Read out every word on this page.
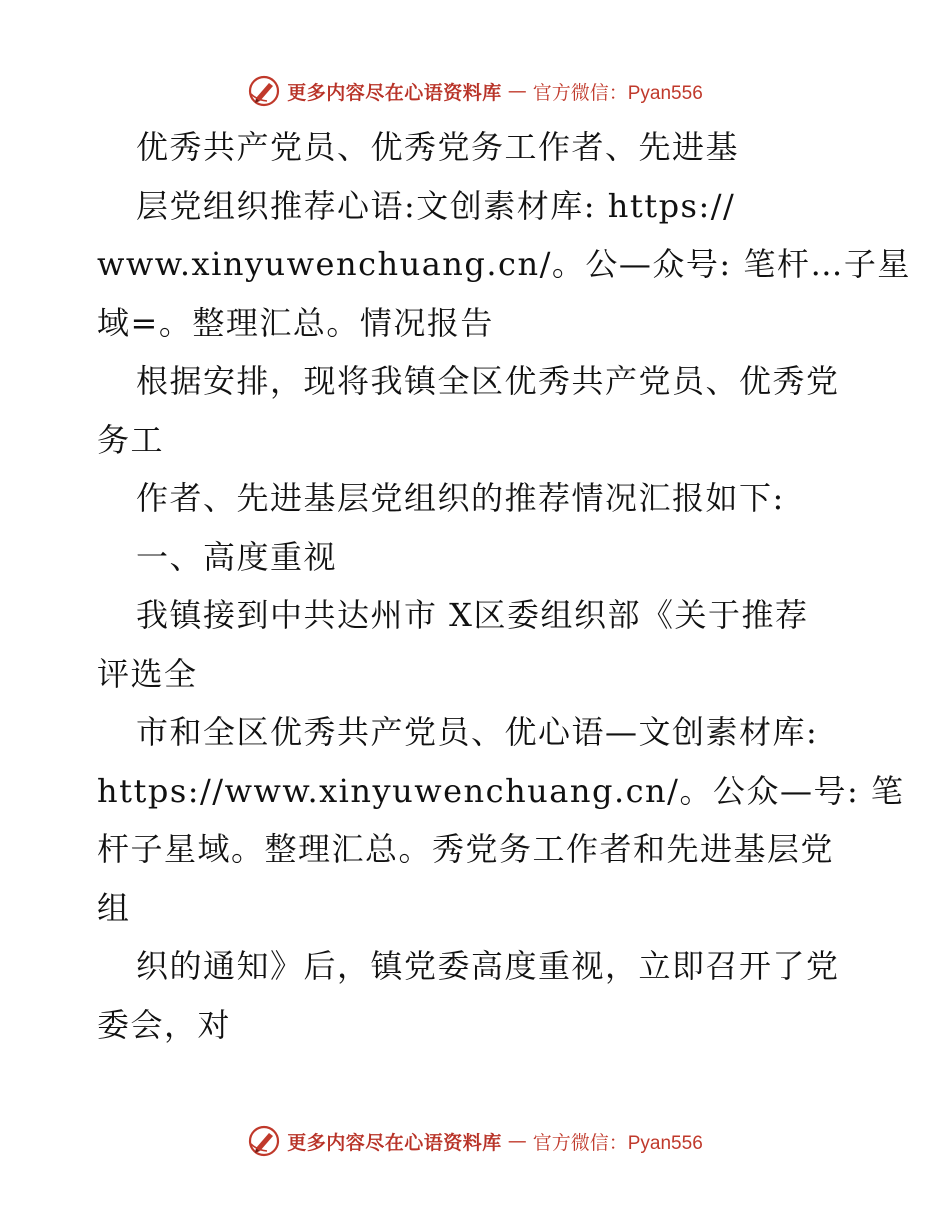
更多内容尽在心语资料库 — 官方微信：Pyan556
优秀共产党员、优秀党务工作者、先进基
层党组织推荐心语:文创素材库: https://
www.xinyuwenchuang.cn/。公—众号: 笔杆…子星
域=。整理汇总。情况报告
根据安排，现将我镇全区优秀共产党员、优秀党
务工
作者、先进基层党组织的推荐情况汇报如下:
一、高度重视
我镇接到中共达州市 X区委组织部《关于推荐
评选全
市和全区优秀共产党员、优心语—文创素材库:
https://www.xinyuwenchuang.cn/。公众—号: 笔
杆子星域。整理汇总。秀党务工作者和先进基层党
组
织的通知》后，镇党委高度重视，立即召开了党
委会，对
更多内容尽在心语资料库 — 官方微信：Pyan556
